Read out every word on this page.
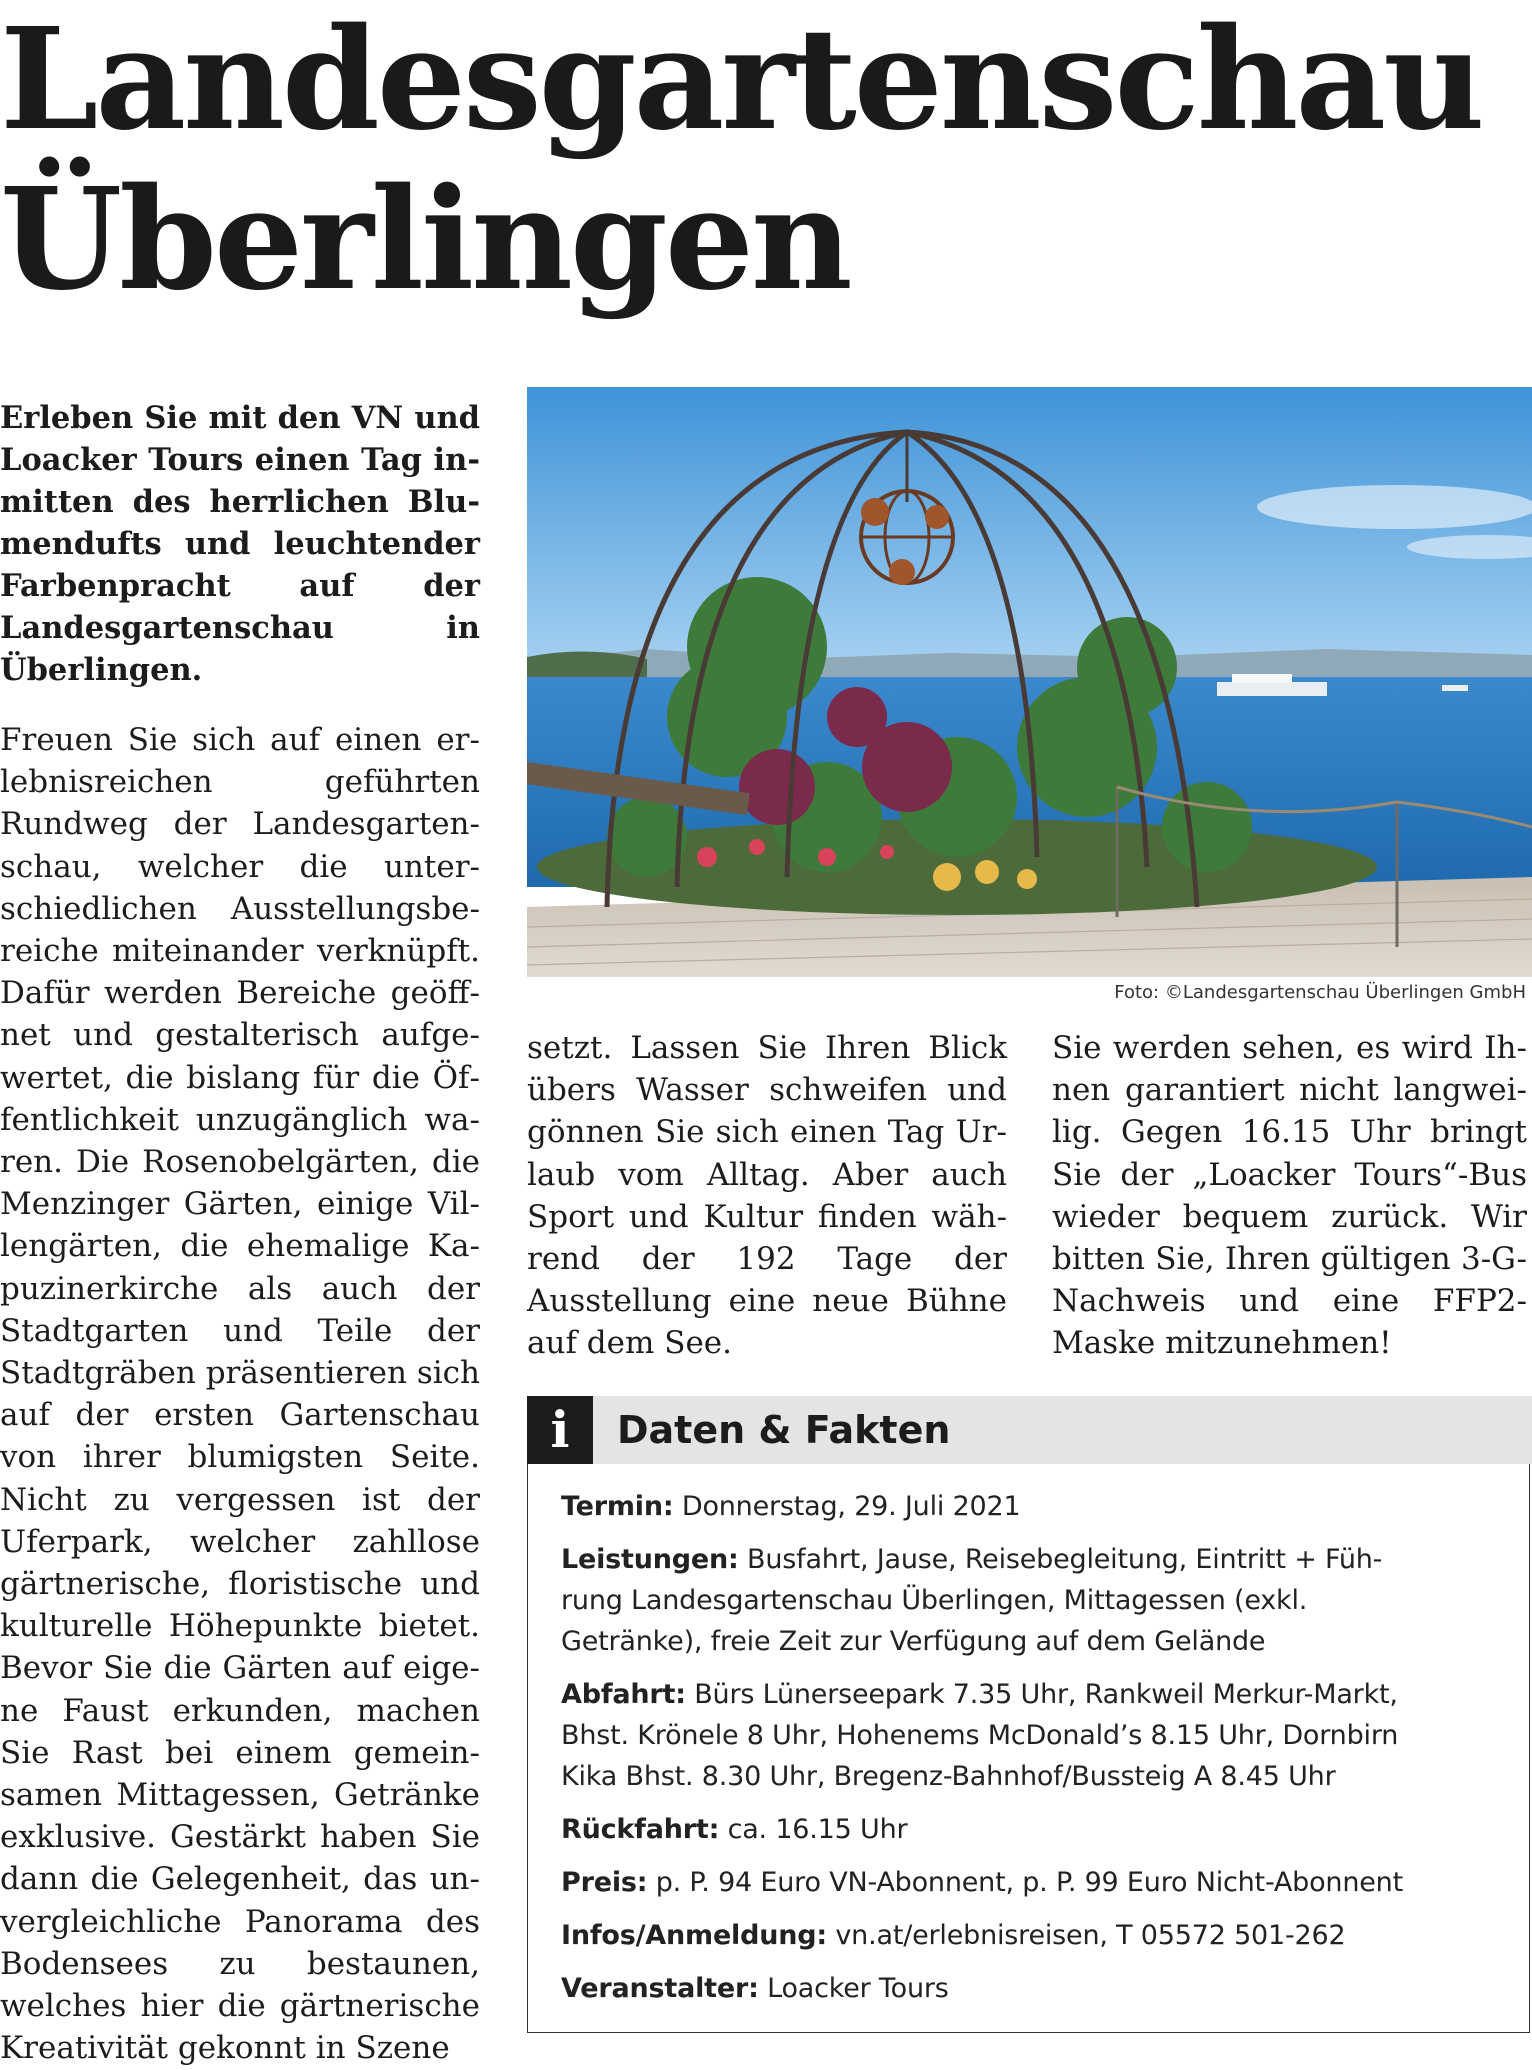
Landesgartenschau
Überlingen

Erleben Sie mit den VN und Loacker Tours einen Tag inmitten des herrlichen Blumendufts und leuchtender Farbenpracht auf der Landesgartenschau in Überlingen.

Freuen Sie sich auf einen erlebnisreichen geführten Rundweg der Landesgartenschau, welcher die unterschiedlichen Ausstellungsbereiche miteinander verknüpft. Dafür werden Bereiche geöffnet und gestalterisch aufgewertet, die bislang für die Öffentlichkeit unzugänglich waren. Die Rosenobelgärten, die Menzinger Gärten, einige Villengärten, die ehemalige Kapuzinerkirche als auch der Stadtgarten und Teile der Stadtgräben präsentieren sich auf der ersten Gartenschau von ihrer blumigsten Seite. Nicht zu vergessen ist der Uferpark, welcher zahllose gärtnerische, floristische und kulturelle Höhepunkte bietet. Bevor Sie die Gärten auf eigene Faust erkunden, machen Sie Rast bei einem gemeinsamen Mittagessen, Getränke exklusive. Gestärkt haben Sie dann die Gelegenheit, das unvergleichliche Panorama des Bodensees zu bestaunen, welches hier die gärtnerische Kreativität gekonnt in Szene

Foto: ©Landesgartenschau Überlingen GmbH

setzt. Lassen Sie Ihren Blick übers Wasser schweifen und gönnen Sie sich einen Tag Urlaub vom Alltag. Aber auch Sport und Kultur finden während der 192 Tage der Ausstellung eine neue Bühne auf dem See.

Sie werden sehen, es wird Ihnen garantiert nicht langweilig. Gegen 16.15 Uhr bringt Sie der „Loacker Tours“-Bus wieder bequem zurück. Wir bitten Sie, Ihren gültigen 3-G-Nachweis und eine FFP2-Maske mitzunehmen!

i	Daten & Fakten
Termin: Donnerstag, 29. Juli 2021
Leistungen: Busfahrt, Jause, Reisebegleitung, Eintritt + Füh-
rung Landesgartenschau Überlingen, Mittagessen (exkl.
Getränke), freie Zeit zur Verfügung auf dem Gelände
Abfahrt: Bürs Lünerseepark 7.35 Uhr, Rankweil Merkur-Markt,
Bhst. Krönele 8 Uhr, Hohenems McDonald’s 8.15 Uhr, Dornbirn
Kika Bhst. 8.30 Uhr, Bregenz-Bahnhof/Bussteig A 8.45 Uhr
Rückfahrt: ca. 16.15 Uhr
Preis: p. P. 94 Euro VN-Abonnent, p. P. 99 Euro Nicht-Abonnent
Infos/Anmeldung: vn.at/erlebnisreisen, T 05572 501-262
Veranstalter: Loacker Tours
